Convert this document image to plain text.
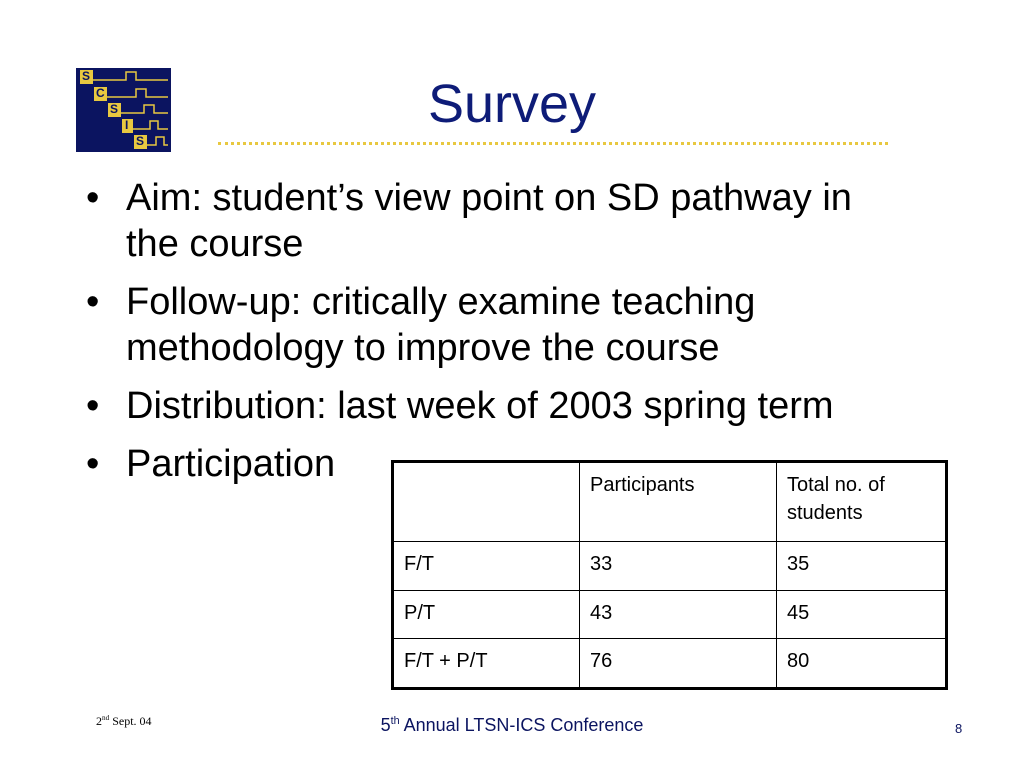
S
C
S
I
S
Survey
• Aim: student’s view point on SD pathway in the course
• Follow-up: critically examine teaching methodology to improve the course
• Distribution: last week of 2003 spring term
• Participation
		Participants	Total no. of students
F/T	33	35
P/T	43	45
F/T + P/T	76	80
2nd Sept. 04	5th Annual LTSN-ICS Conference	8
